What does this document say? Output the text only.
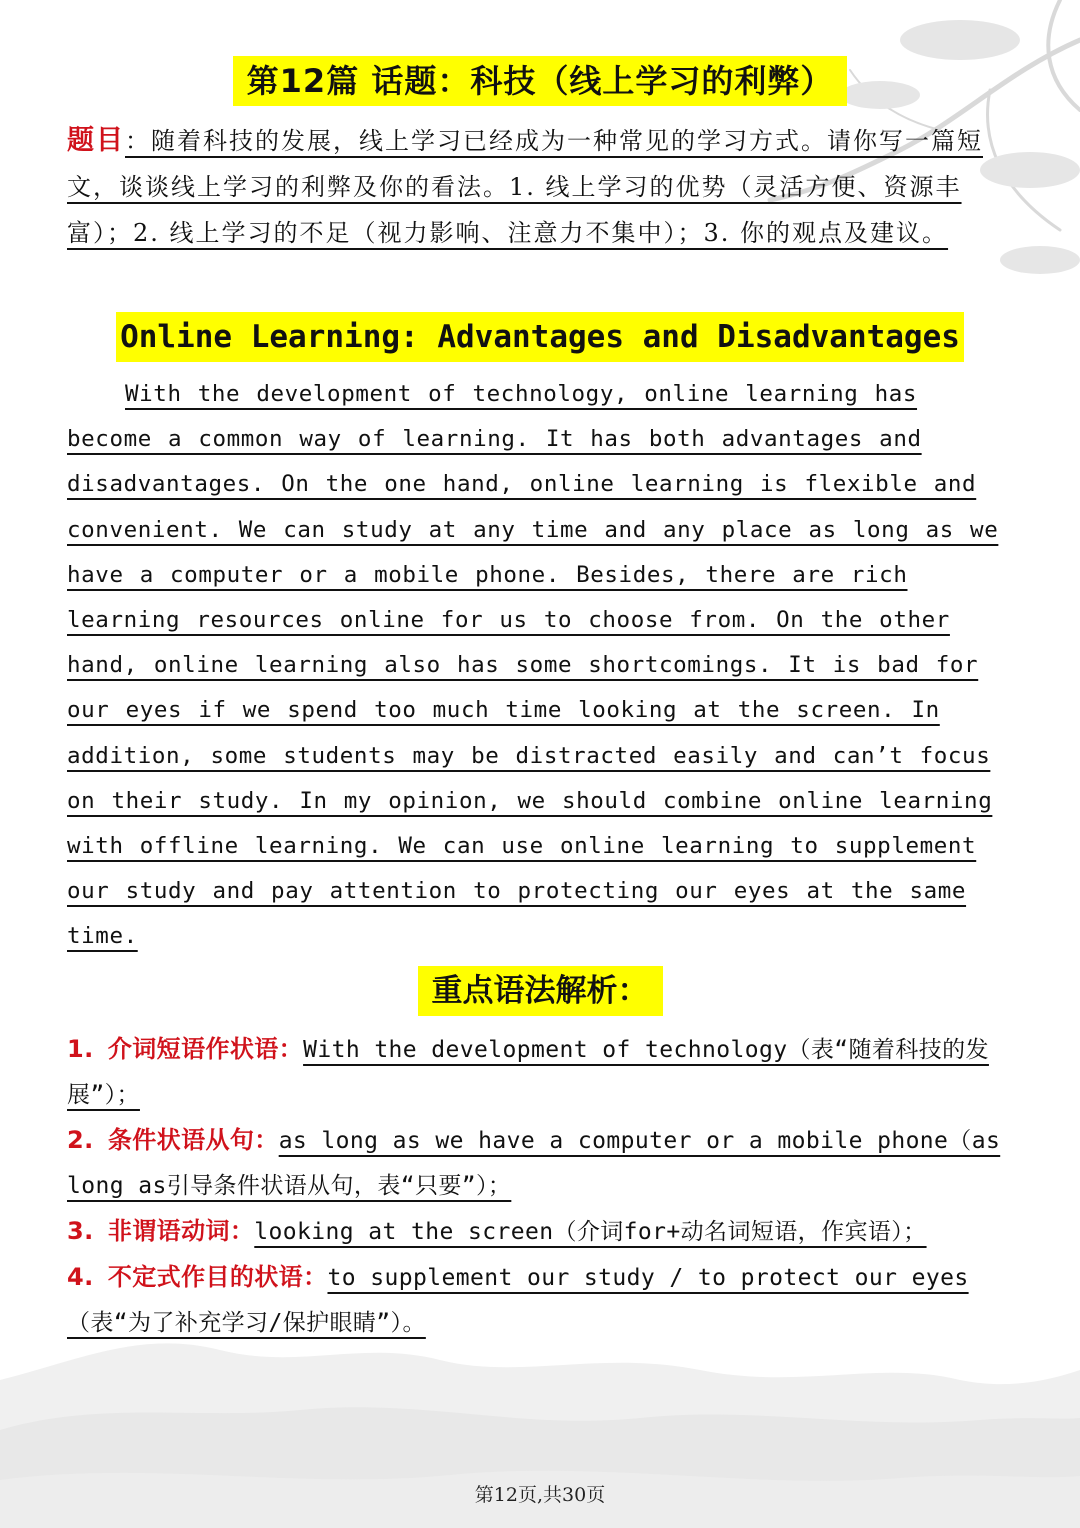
第12篇 话题：科技（线上学习的利弊）
题目：随着科技的发展，线上学习已经成为一种常见的学习方式。请你写一篇短文，谈谈线上学习的利弊及你的看法。1. 线上学习的优势（灵活方便、资源丰富）；2. 线上学习的不足（视力影响、注意力不集中）；3. 你的观点及建议。
Online Learning: Advantages and Disadvantages
With the development of technology, online learning has become a common way of learning. It has both advantages and disadvantages. On the one hand, online learning is flexible and convenient. We can study at any time and any place as long as we have a computer or a mobile phone. Besides, there are rich learning resources online for us to choose from. On the other hand, online learning also has some shortcomings. It is bad for our eyes if we spend too much time looking at the screen. In addition, some students may be distracted easily and can’t focus on their study. In my opinion, we should combine online learning with offline learning. We can use online learning to supplement our study and pay attention to protecting our eyes at the same time.
重点语法解析：
1. 介词短语作状语：With the development of technology（表“随着科技的发展”）；
2. 条件状语从句：as long as we have a computer or a mobile phone（as long as引导条件状语从句，表“只要”）；
3. 非谓语动词：looking at the screen（介词for+动名词短语，作宾语）；
4. 不定式作目的状语：to supplement our study / to protect our eyes（表“为了补充学习/保护眼睛”）。
第12页,共30页
